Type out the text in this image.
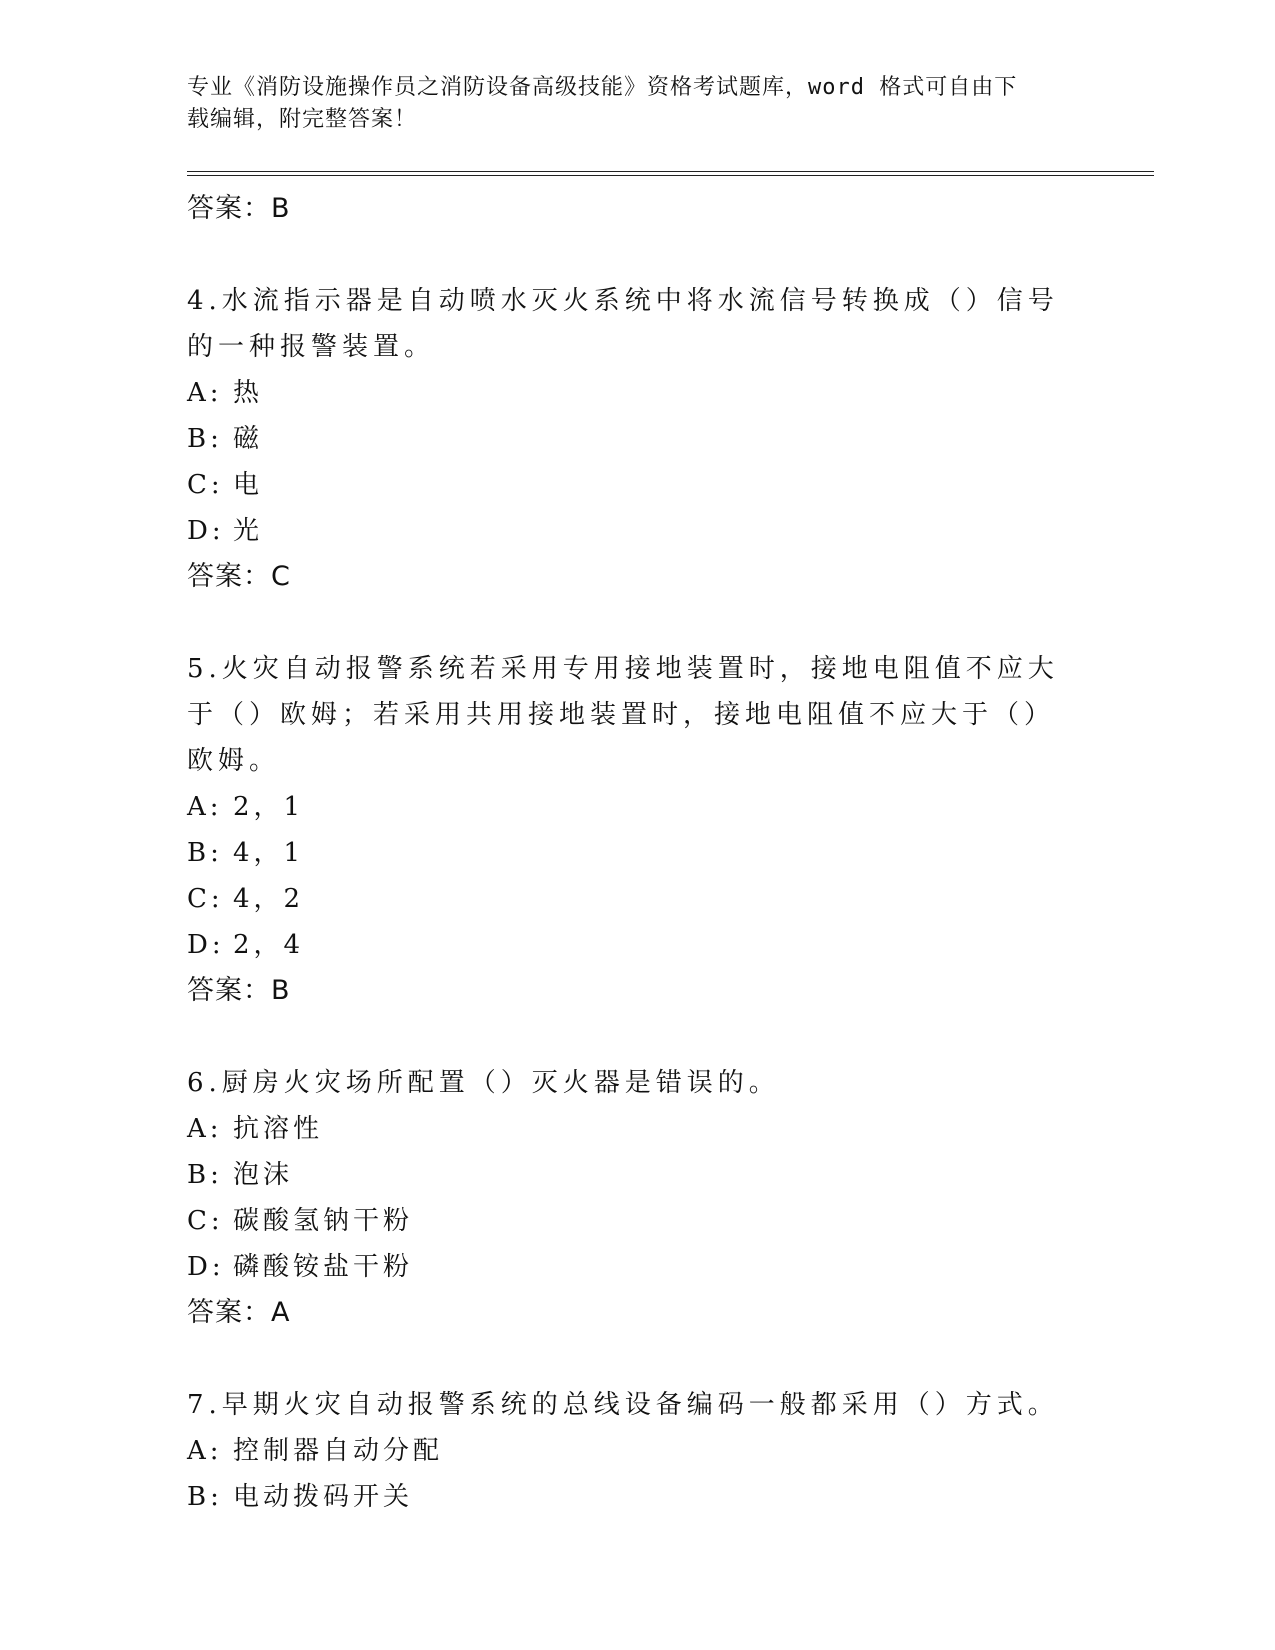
专业《消防设施操作员之消防设备高级技能》资格考试题库，word 格式可自由下
载编辑，附完整答案！
答案：B
4.水流指示器是自动喷水灭火系统中将水流信号转换成（）信号的一种报警装置。
A: 热
B: 磁
C: 电
D: 光
答案：C
5.火灾自动报警系统若采用专用接地装置时，接地电阻值不应大于（）欧姆；若采用共用接地装置时，接地电阻值不应大于（）欧姆。
A: 2，1
B: 4，1
C: 4，2
D: 2，4
答案：B
6.厨房火灾场所配置（）灭火器是错误的。
A: 抗溶性
B: 泡沫
C: 碳酸氢钠干粉
D: 磷酸铵盐干粉
答案：A
7.早期火灾自动报警系统的总线设备编码一般都采用（）方式。
A: 控制器自动分配
B: 电动拨码开关
